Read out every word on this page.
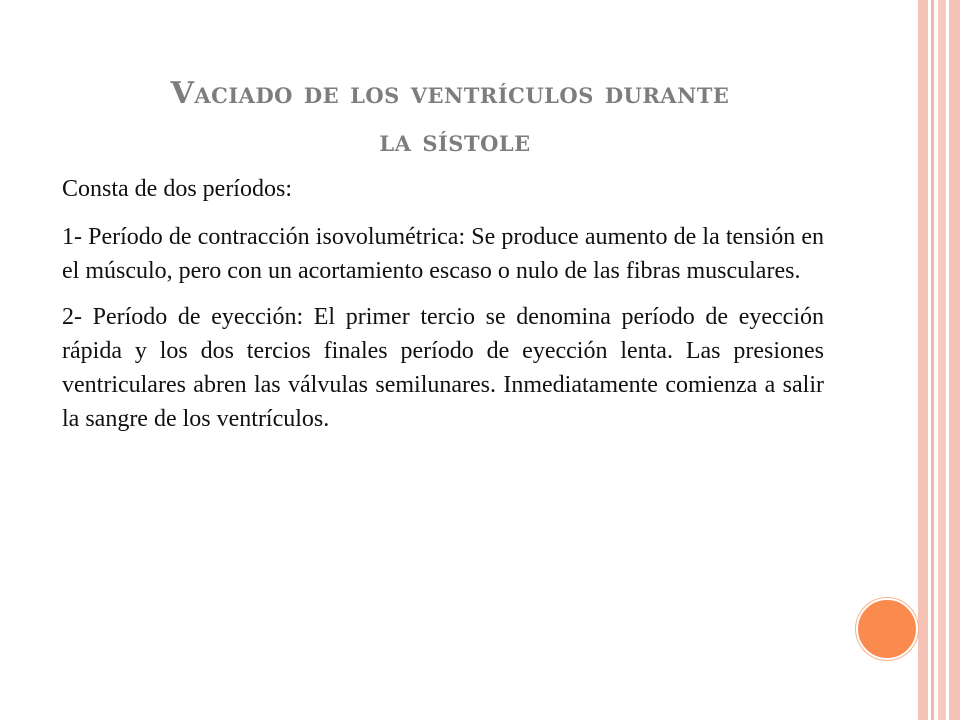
Vaciado de los ventrículos durante
la sístole

Consta de dos períodos:

1- Período de contracción isovolumétrica: Se produce aumento de la tensión en el músculo, pero con un acortamiento escaso o nulo de las fibras musculares.

2- Período de eyección: El primer tercio se denomina período de eyección rápida y los dos tercios finales período de eyección lenta. Las presiones ventriculares abren las válvulas semilunares. Inmediatamente comienza a salir la sangre de los ventrículos.
